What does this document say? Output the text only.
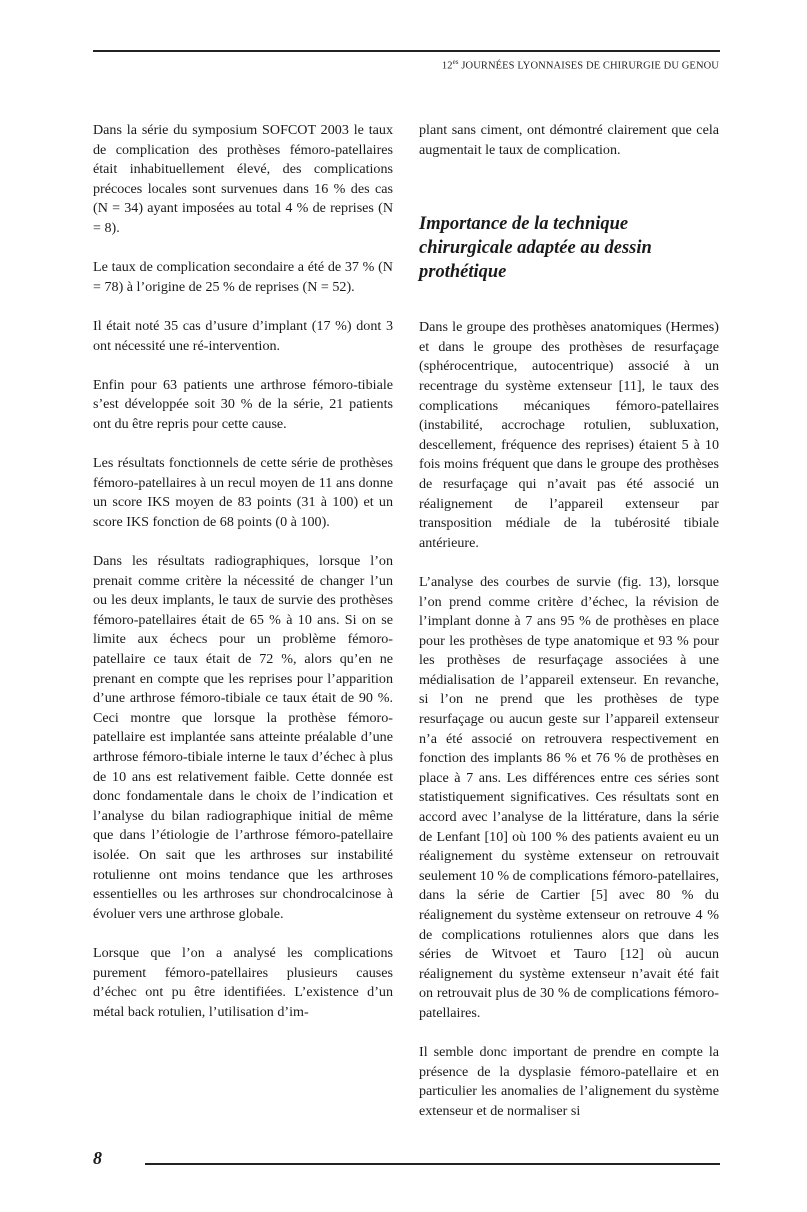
$12^{es}$ JOURNÉES LYONNAISES DE CHIRURGIE DU GENOU

Dans la série du symposium SOFCOT 2003 le taux de complication des prothèses fémoro-patellaires était inhabituellement élevé, des complications précoces locales sont survenues dans 16 % des cas (N = 34) ayant imposées au total 4 % de reprises (N = 8).

Le taux de complication secondaire a été de 37 % (N = 78) à l’origine de 25 % de reprises (N = 52).

Il était noté 35 cas d’usure d’implant (17 %) dont 3 ont nécessité une ré-intervention.

Enfin pour 63 patients une arthrose fémoro-tibiale s’est développée soit 30 % de la série, 21 patients ont du être repris pour cette cause.

Les résultats fonctionnels de cette série de prothèses fémoro-patellaires à un recul moyen de 11 ans donne un score IKS moyen de 83 points (31 à 100) et un score IKS fonction de 68 points (0 à 100).

Dans les résultats radiographiques, lorsque l’on prenait comme critère la nécessité de changer l’un ou les deux implants, le taux de survie des prothèses fémoro-patellaires était de 65 % à 10 ans. Si on se limite aux échecs pour un problème fémoro-patellaire ce taux était de 72 %, alors qu’en ne prenant en compte que les reprises pour l’apparition d’une arthrose fémoro-tibiale ce taux était de 90 %. Ceci montre que lorsque la prothèse fémoro-patellaire est implantée sans atteinte préalable d’une arthrose fémoro-tibiale interne le taux d’échec à plus de 10 ans est relativement faible. Cette donnée est donc fondamentale dans le choix de l’indication et l’analyse du bilan radiographique initial de même que dans l’étiologie de l’arthrose fémoro-patellaire isolée. On sait que les arthroses sur instabilité rotulienne ont moins tendance que les arthroses essentielles ou les arthroses sur chondrocalcinose à évoluer vers une arthrose globale.

Lorsque que l’on a analysé les complications purement fémoro-patellaires plusieurs causes d’échec ont pu être identifiées. L’existence d’un métal back rotulien, l’utilisation d’im-

plant sans ciment, ont démontré clairement que cela augmentait le taux de complication.

Importance de la technique chirurgicale adaptée au dessin prothétique

Dans le groupe des prothèses anatomiques (Hermes) et dans le groupe des prothèses de resurfaçage (sphérocentrique, autocentrique) associé à un recentrage du système extenseur [11], le taux des complications mécaniques fémoro-patellaires (instabilité, accrochage rotulien, subluxation, descellement, fréquence des reprises) étaient 5 à 10 fois moins fréquent que dans le groupe des prothèses de resurfaçage qui n’avait pas été associé un réalignement de l’appareil extenseur par transposition médiale de la tubérosité tibiale antérieure.

L’analyse des courbes de survie (fig. 13), lorsque l’on prend comme critère d’échec, la révision de l’implant donne à 7 ans 95 % de prothèses en place pour les prothèses de type anatomique et 93 % pour les prothèses de resurfaçage associées à une médialisation de l’appareil extenseur. En revanche, si l’on ne prend que les prothèses de type resurfaçage ou aucun geste sur l’appareil extenseur n’a été associé on retrouvera respectivement en fonction des implants 86 % et 76 % de prothèses en place à 7 ans. Les différences entre ces séries sont statistiquement significatives. Ces résultats sont en accord avec l’analyse de la littérature, dans la série de Lenfant [10] où 100 % des patients avaient eu un réalignement du système extenseur on retrouvait seulement 10 % de complications fémoro-patellaires, dans la série de Cartier [5] avec 80 % du réalignement du système extenseur on retrouve 4 % de complications rotuliennes alors que dans les séries de Witvoet et Tauro [12] où aucun réalignement du système extenseur n’avait été fait on retrouvait plus de 30 % de complications fémoro-patellaires.

Il semble donc important de prendre en compte la présence de la dysplasie fémoro-patellaire et en particulier les anomalies de l’alignement du système extenseur et de normaliser si

8
